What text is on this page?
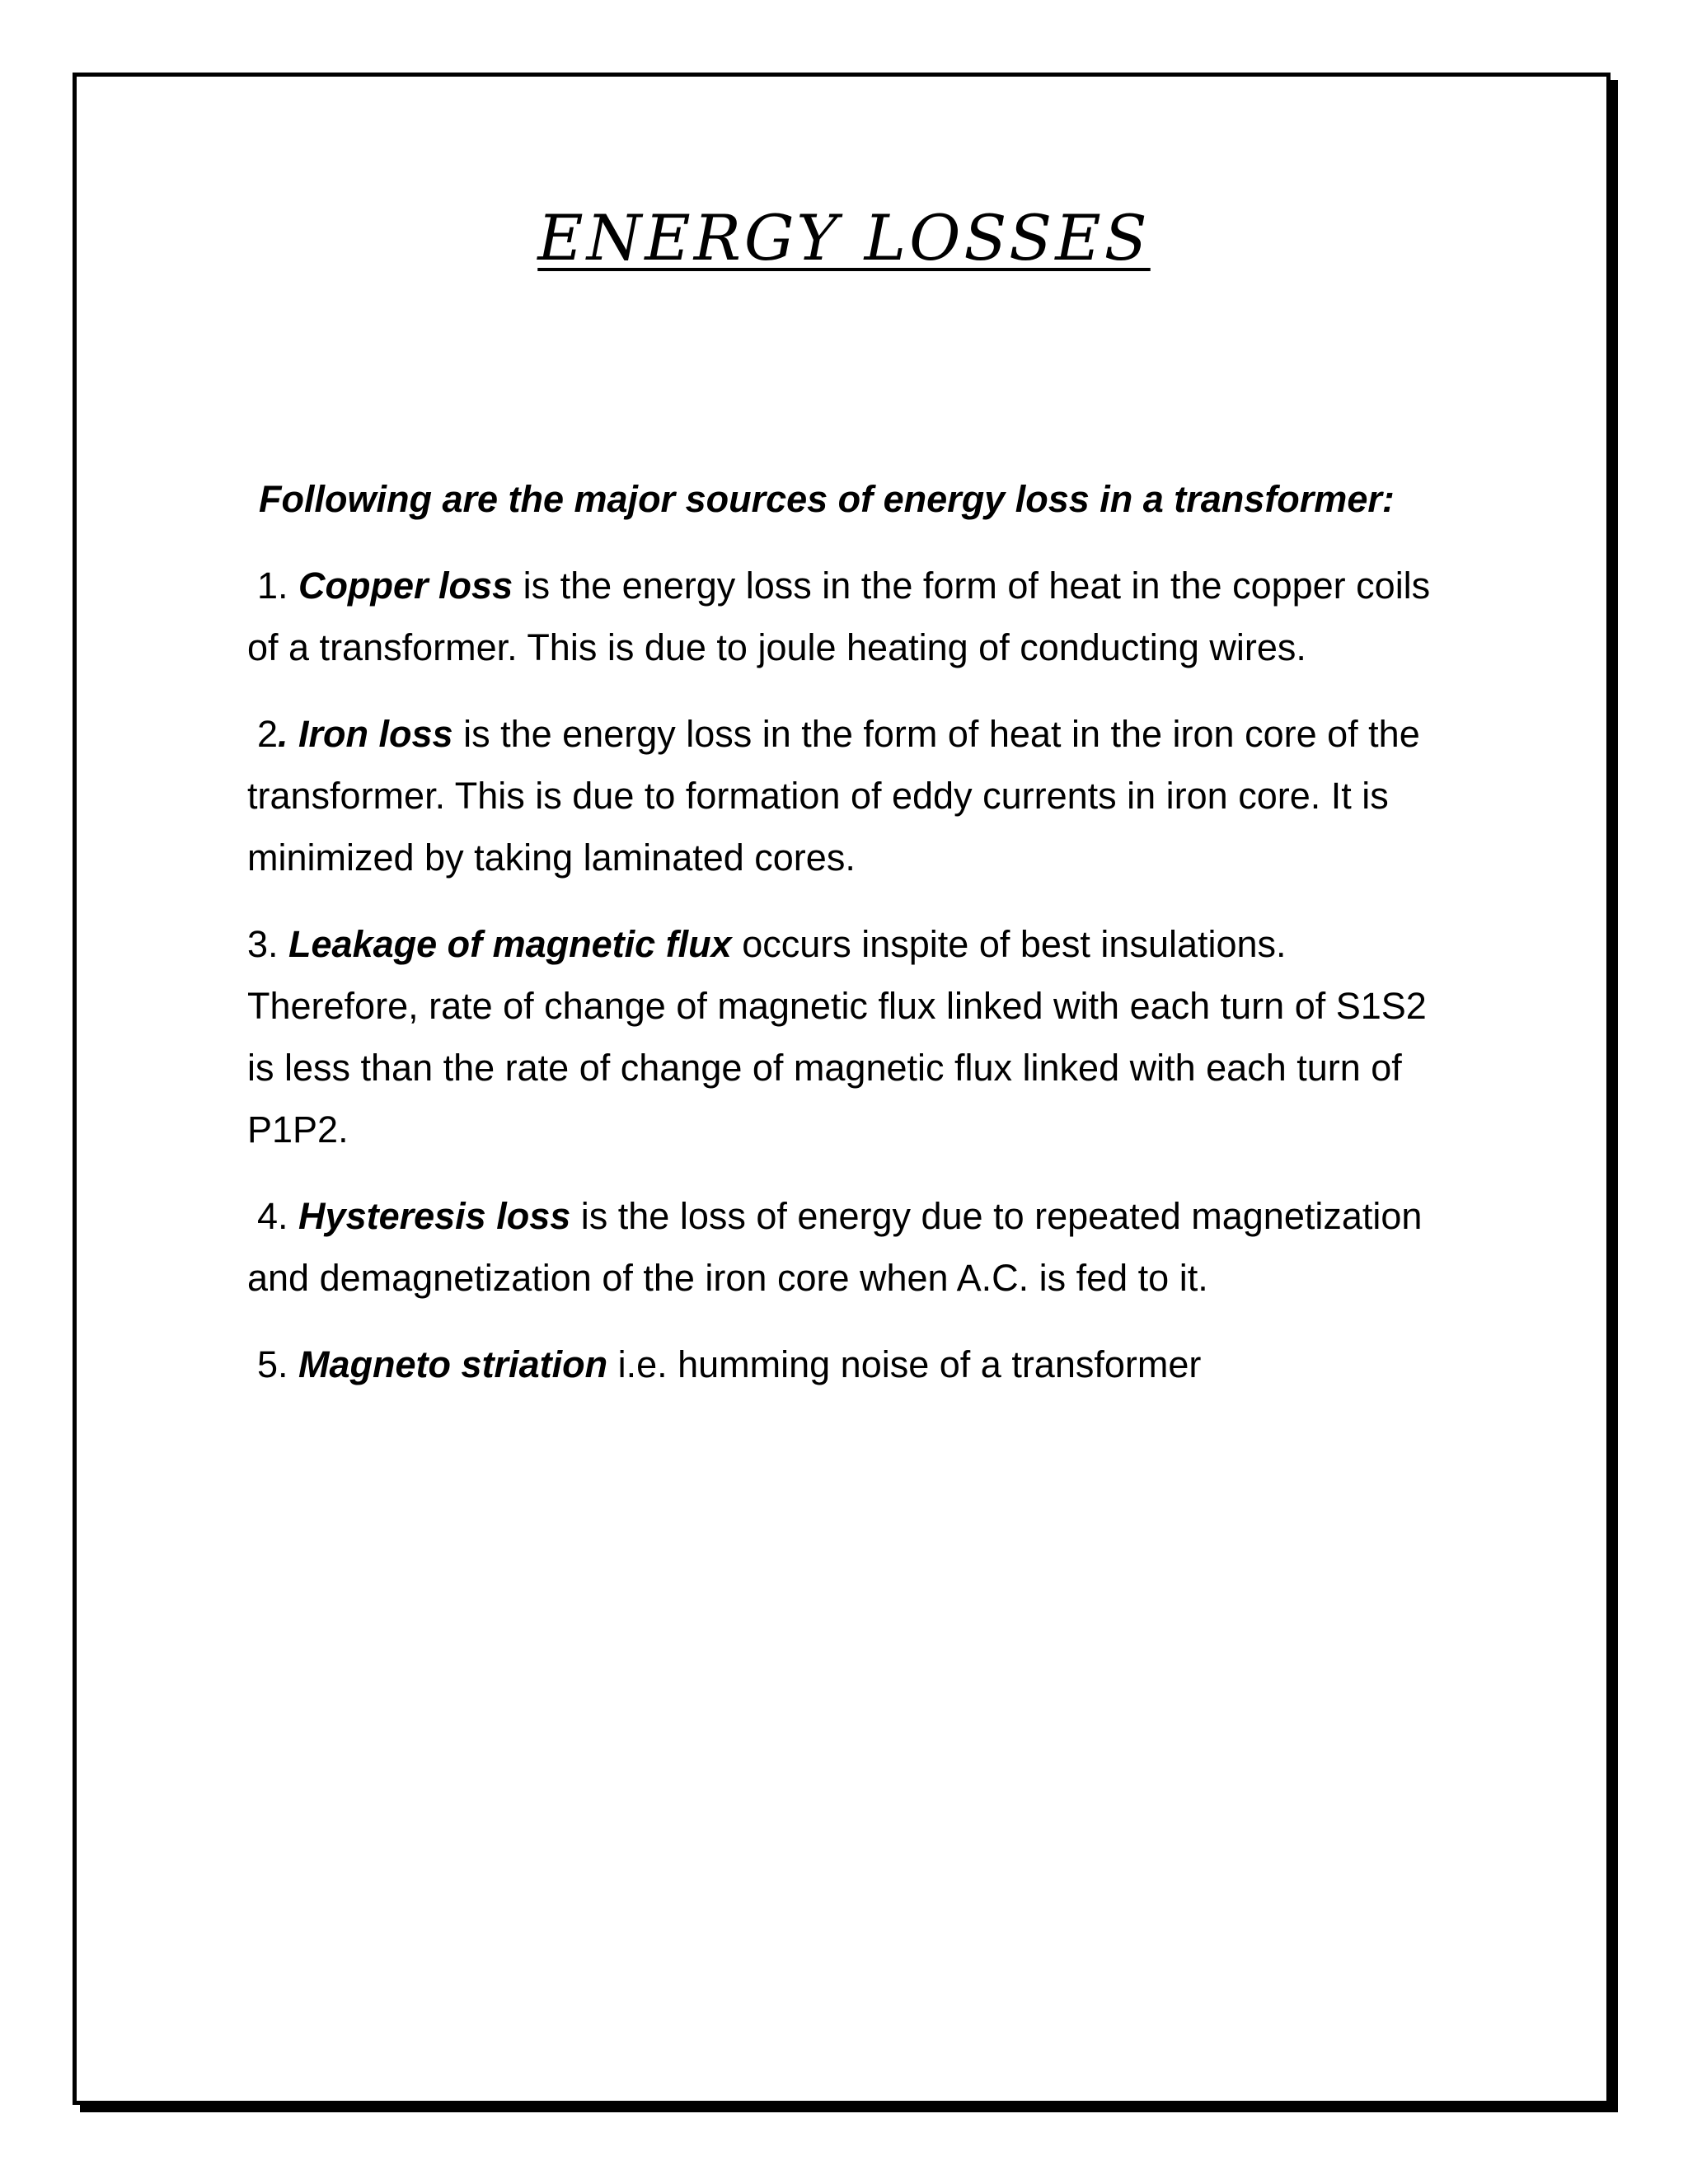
ENERGY LOSSES

Following are the major sources of energy loss in a transformer:

1. Copper loss is the energy loss in the form of heat in the copper coils of a transformer. This is due to joule heating of conducting wires.

2. Iron loss is the energy loss in the form of heat in the iron core of the transformer. This is due to formation of eddy currents in iron core. It is minimized by taking laminated cores.

3. Leakage of magnetic flux occurs inspite of best insulations. Therefore, rate of change of magnetic flux linked with each turn of S1S2 is less than the rate of change of magnetic flux linked with each turn of P1P2.

4. Hysteresis loss is the loss of energy due to repeated magnetization and demagnetization of the iron core when A.C. is fed to it.

5. Magneto striation i.e. humming noise of a transformer
